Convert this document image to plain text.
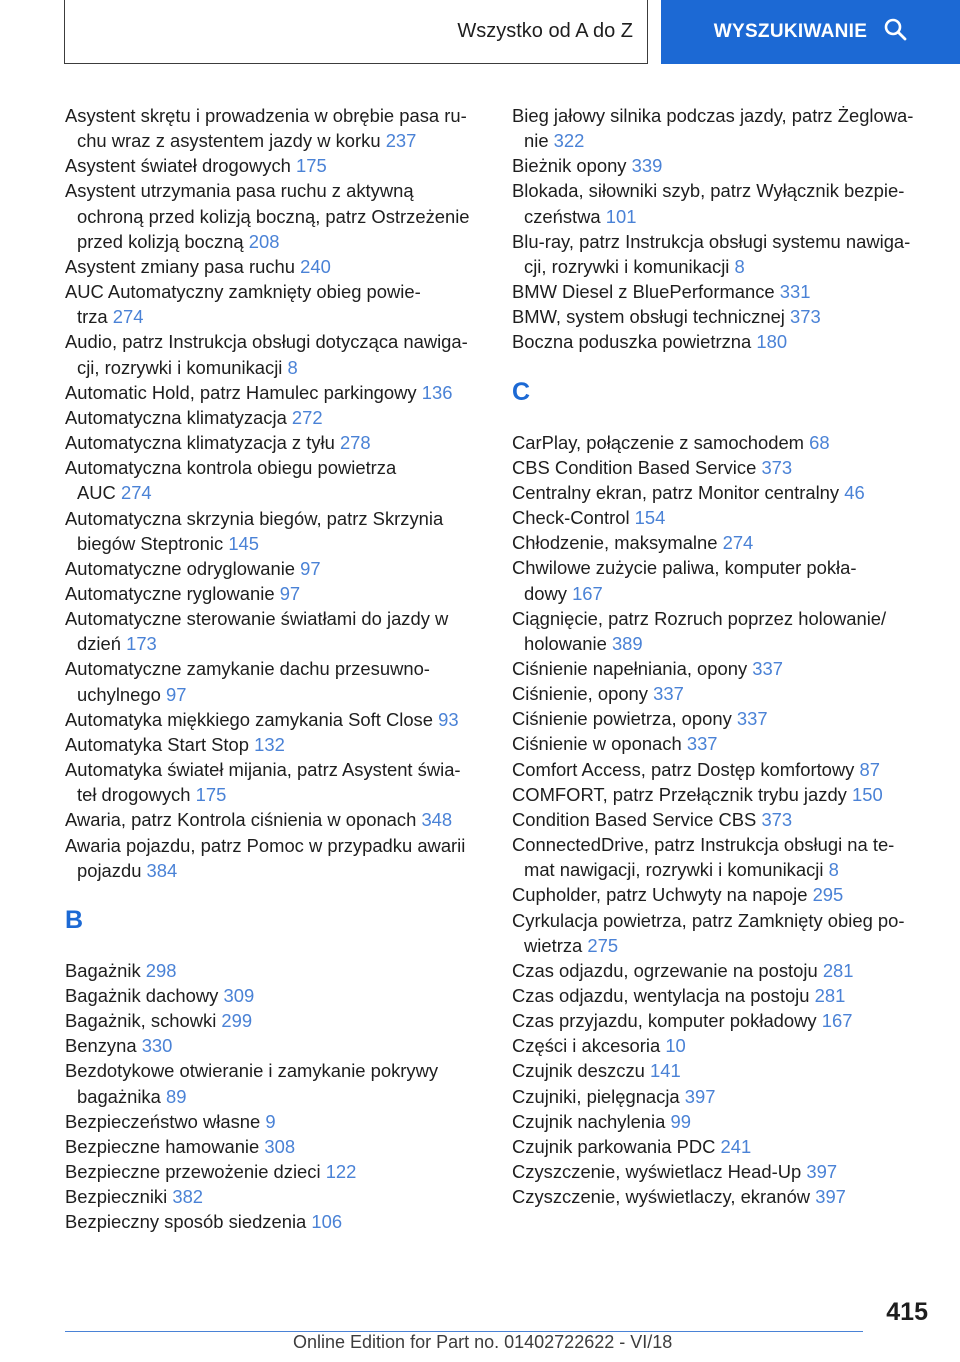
Wszystko od A do Z	WYSZUKIWANIE
Asystent skrętu i prowadzenia w obrębie pasa ru-
chu wraz z asystentem jazdy w korku 237
Asystent świateł drogowych 175
Asystent utrzymania pasa ruchu z aktywną
ochroną przed kolizją boczną, patrz Ostrzeżenie
przed kolizją boczną 208
Asystent zmiany pasa ruchu 240
AUC Automatyczny zamknięty obieg powie-
trza 274
Audio, patrz Instrukcja obsługi dotycząca nawiga-
cji, rozrywki i komunikacji 8
Automatic Hold, patrz Hamulec parkingowy 136
Automatyczna klimatyzacja 272
Automatyczna klimatyzacja z tyłu 278
Automatyczna kontrola obiegu powietrza
AUC 274
Automatyczna skrzynia biegów, patrz Skrzynia
biegów Steptronic 145
Automatyczne odryglowanie 97
Automatyczne ryglowanie 97
Automatyczne sterowanie światłami do jazdy w
dzień 173
Automatyczne zamykanie dachu przesuwno-
uchylnego 97
Automatyka miękkiego zamykania Soft Close 93
Automatyka Start Stop 132
Automatyka świateł mijania, patrz Asystent świa-
teł drogowych 175
Awaria, patrz Kontrola ciśnienia w oponach 348
Awaria pojazdu, patrz Pomoc w przypadku awarii
pojazdu 384
B
Bagażnik 298
Bagażnik dachowy 309
Bagażnik, schowki 299
Benzyna 330
Bezdotykowe otwieranie i zamykanie pokrywy
bagażnika 89
Bezpieczeństwo własne 9
Bezpieczne hamowanie 308
Bezpieczne przewożenie dzieci 122
Bezpieczniki 382
Bezpieczny sposób siedzenia 106
Bieg jałowy silnika podczas jazdy, patrz Żeglowa-
nie 322
Bieżnik opony 339
Blokada, siłowniki szyb, patrz Wyłącznik bezpie-
czeństwa 101
Blu-ray, patrz Instrukcja obsługi systemu nawiga-
cji, rozrywki i komunikacji 8
BMW Diesel z BluePerformance 331
BMW, system obsługi technicznej 373
Boczna poduszka powietrzna 180
C
CarPlay, połączenie z samochodem 68
CBS Condition Based Service 373
Centralny ekran, patrz Monitor centralny 46
Check-Control 154
Chłodzenie, maksymalne 274
Chwilowe zużycie paliwa, komputer pokła-
dowy 167
Ciągnięcie, patrz Rozruch poprzez holowanie/
holowanie 389
Ciśnienie napełniania, opony 337
Ciśnienie, opony 337
Ciśnienie powietrza, opony 337
Ciśnienie w oponach 337
Comfort Access, patrz Dostęp komfortowy 87
COMFORT, patrz Przełącznik trybu jazdy 150
Condition Based Service CBS 373
ConnectedDrive, patrz Instrukcja obsługi na te-
mat nawigacji, rozrywki i komunikacji 8
Cupholder, patrz Uchwyty na napoje 295
Cyrkulacja powietrza, patrz Zamknięty obieg po-
wietrza 275
Czas odjazdu, ogrzewanie na postoju 281
Czas odjazdu, wentylacja na postoju 281
Czas przyjazdu, komputer pokładowy 167
Części i akcesoria 10
Czujnik deszczu 141
Czujniki, pielęgnacja 397
Czujnik nachylenia 99
Czujnik parkowania PDC 241
Czyszczenie, wyświetlacz Head-Up 397
Czyszczenie, wyświetlaczy, ekranów 397
415
Online Edition for Part no. 01402722622 - VI/18
